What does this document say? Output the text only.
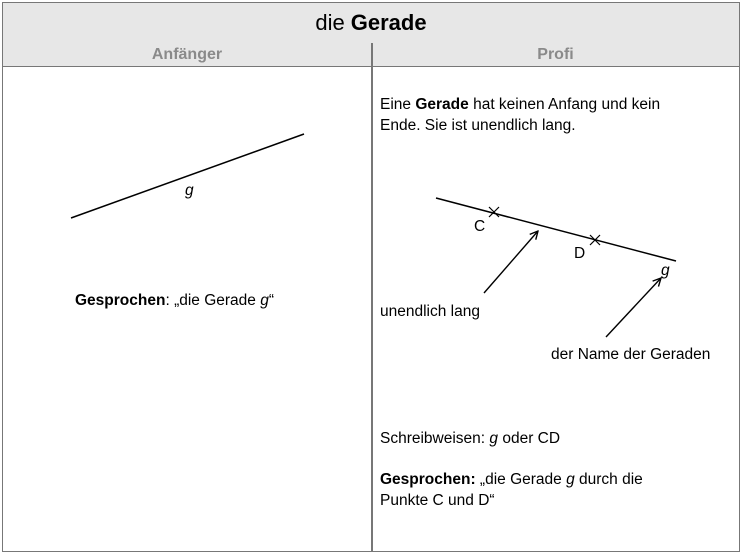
die Gerade
Anfänger	Profi
g
C
D
g
unendlich lang
der Name der Geraden
Gesprochen: „die Gerade g“
Eine Gerade hat keinen Anfang und kein
Ende. Sie ist unendlich lang.
Schreibweisen: g oder CD
Gesprochen: „die Gerade g durch die
Punkte C und D“
